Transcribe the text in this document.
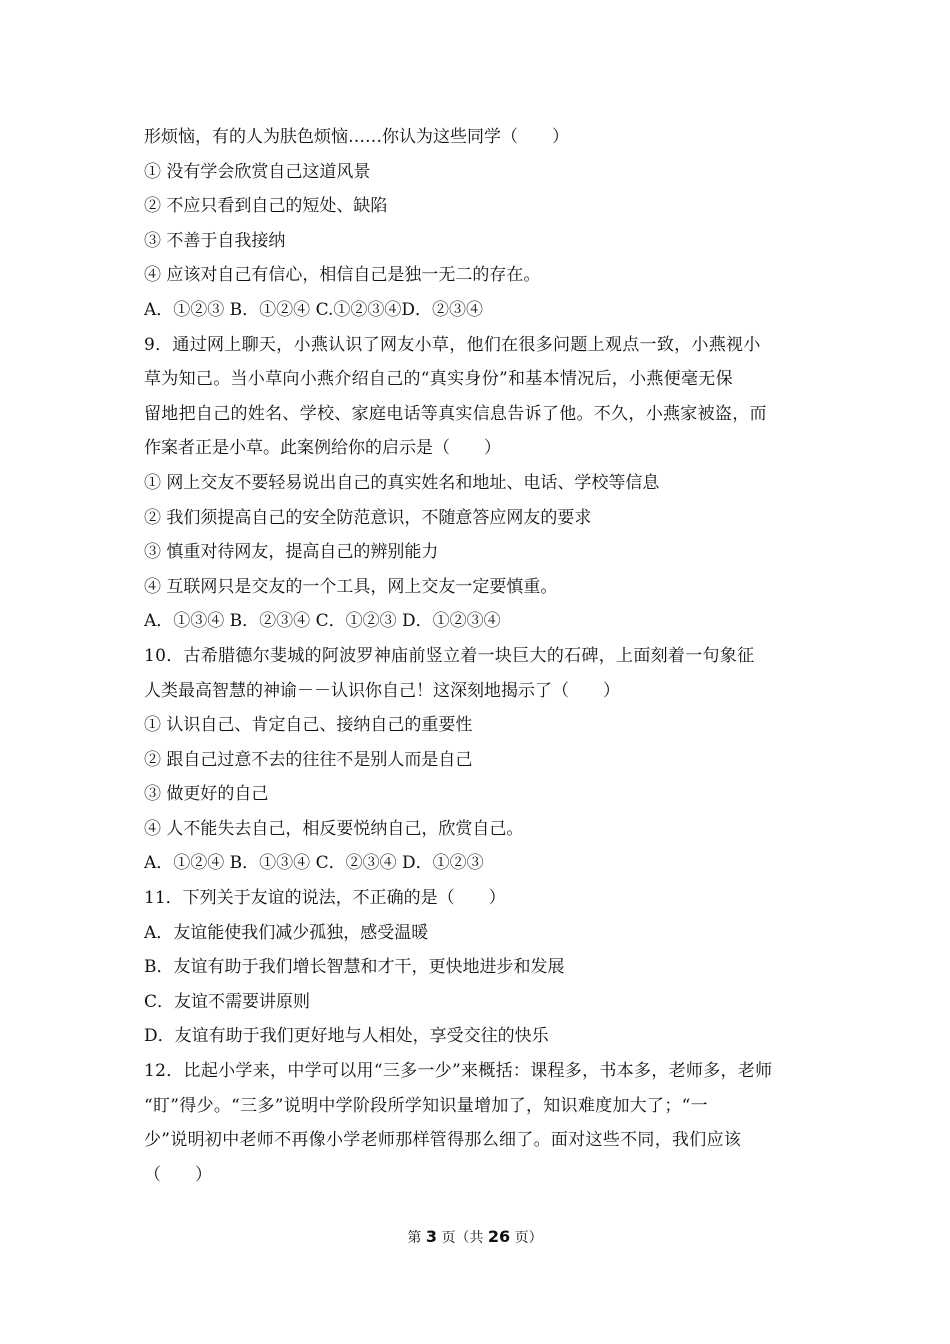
形烦恼，有的人为肤色烦恼……你认为这些同学（　　）
① 没有学会欣赏自己这道风景
② 不应只看到自己的短处、缺陷
③ 不善于自我接纳
④ 应该对自己有信心，相信自己是独一无二的存在。
A．①②③ B．①②④ C.①②③④D．②③④
9．通过网上聊天，小燕认识了网友小草，他们在很多问题上观点一致，小燕视小
草为知己。当小草向小燕介绍自己的“真实身份”和基本情况后，小燕便毫无保
留地把自己的姓名、学校、家庭电话等真实信息告诉了他。不久，小燕家被盗，而
作案者正是小草。此案例给你的启示是（　　）
① 网上交友不要轻易说出自己的真实姓名和地址、电话、学校等信息
② 我们须提高自己的安全防范意识，不随意答应网友的要求
③ 慎重对待网友，提高自己的辨别能力
④ 互联网只是交友的一个工具，网上交友一定要慎重。
A．①③④ B．②③④ C．①②③ D．①②③④
10．古希腊德尔斐城的阿波罗神庙前竖立着一块巨大的石碑，上面刻着一句象征
人类最高智慧的神谕－－认识你自己！这深刻地揭示了（　　）
① 认识自己、肯定自己、接纳自己的重要性
② 跟自己过意不去的往往不是别人而是自己
③ 做更好的自己
④ 人不能失去自己，相反要悦纳自己，欣赏自己。
A．①②④ B．①③④ C．②③④ D．①②③
11．下列关于友谊的说法，不正确的是（　　）
A．友谊能使我们减少孤独，感受温暖
B．友谊有助于我们增长智慧和才干，更快地进步和发展
C．友谊不需要讲原则
D．友谊有助于我们更好地与人相处，享受交往的快乐
12．比起小学来，中学可以用“三多一少”来概括：课程多，书本多，老师多，老师
“盯”得少。“三多”说明中学阶段所学知识量增加了，知识难度加大了；“一
少”说明初中老师不再像小学老师那样管得那么细了。面对这些不同，我们应该
（　　）
第 3 页（共 26 页）
